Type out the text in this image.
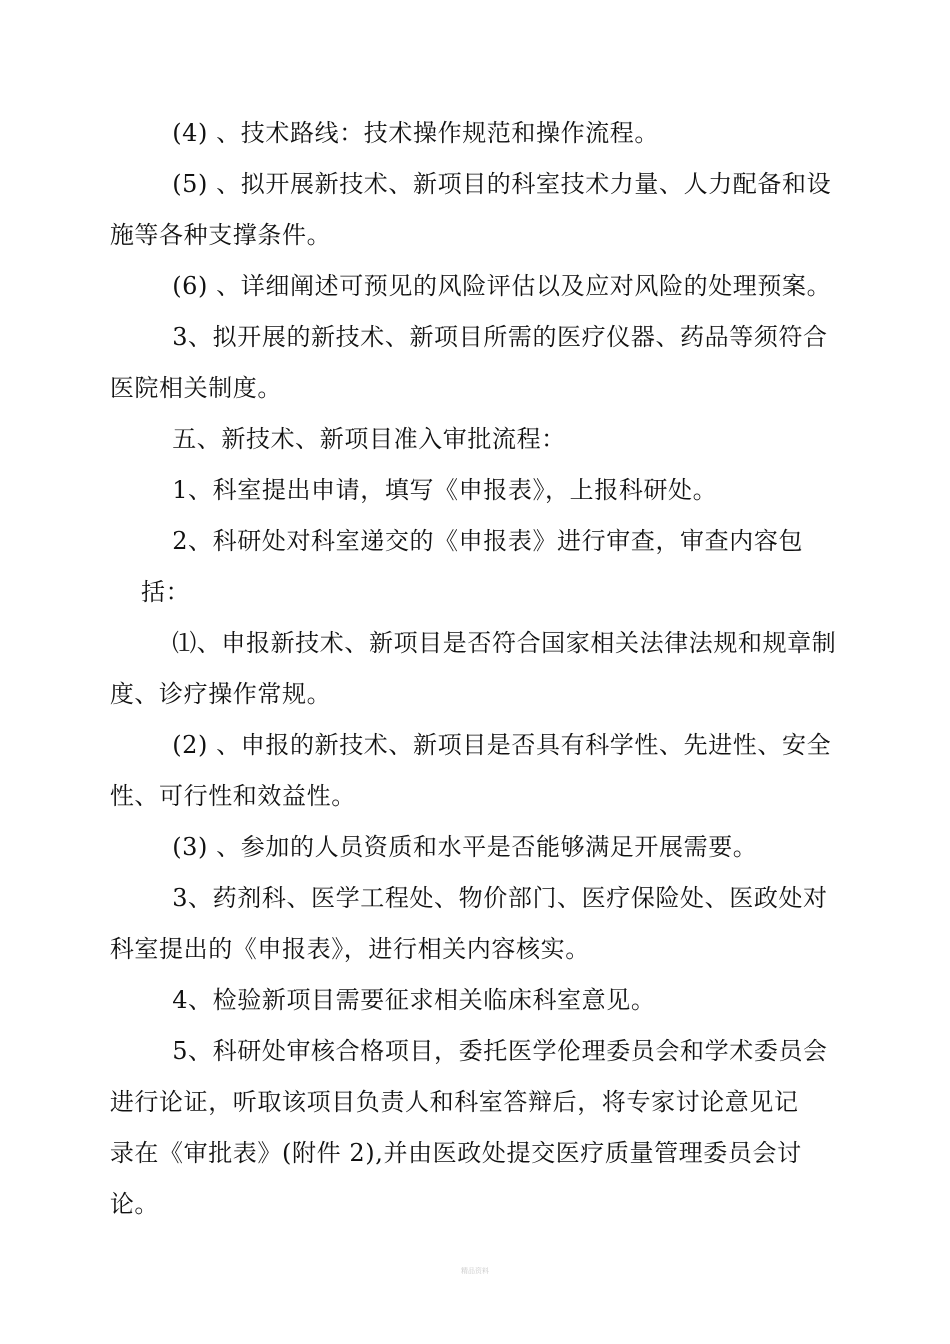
(4) 、技术路线：技术操作规范和操作流程。

(5) 、拟开展新技术、新项目的科室技术力量、人力配备和设
施等各种支撑条件。

(6) 、详细阐述可预见的风险评估以及应对风险的处理预案。

3、拟开展的新技术、新项目所需的医疗仪器、药品等须符合
医院相关制度。

五、新技术、新项目准入审批流程：

1、科室提出申请，填写《申报表》，上报科研处。

2、科研处对科室递交的《申报表》进行审查，审查内容包括：

⑴、申报新技术、新项目是否符合国家相关法律法规和规章制
度、诊疗操作常规。

(2) 、申报的新技术、新项目是否具有科学性、先进性、安全
性、可行性和效益性。

(3) 、参加的人员资质和水平是否能够满足开展需要。

3、药剂科、医学工程处、物价部门、医疗保险处、医政处对
科室提出的《申报表》，进行相关内容核实。

4、检验新项目需要征求相关临床科室意见。

5、科研处审核合格项目，委托医学伦理委员会和学术委员会
进行论证，听取该项目负责人和科室答辩后，将专家讨论意见记
录在《审批表》(附件 2),并由医政处提交医疗质量管理委员会讨
论。

精品资料
